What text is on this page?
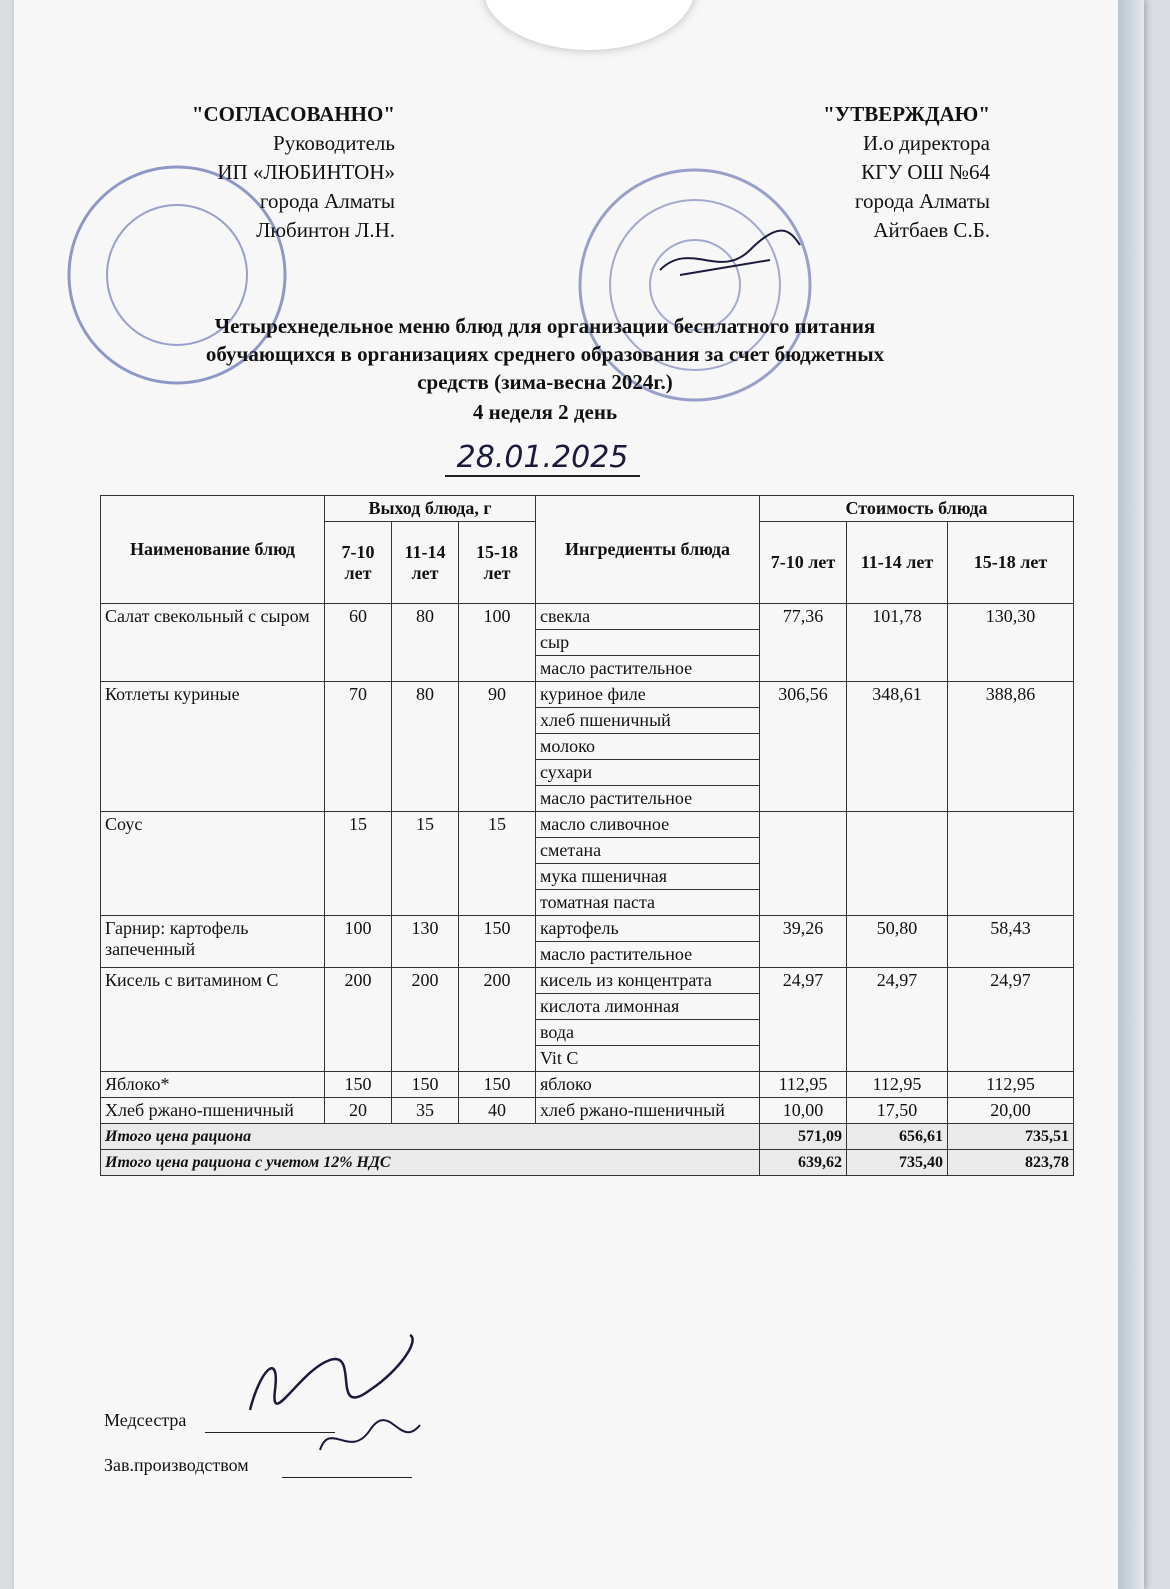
"СОГЛАСОВАННО"
Руководитель
ИП «ЛЮБИНТОН»
города Алматы
Любинтон Л.Н.
"УТВЕРЖДАЮ"
И.о директора
КГУ ОШ №64
города Алматы
Айтбаев С.Б.
Четырехнедельное меню блюд для организации бесплатного питания
обучающихся в организациях среднего образования за счет бюджетных
средств (зима-весна 2024г.)
4 неделя 2 день
28.01.2025
Наименование блюд	Выход блюда, г			Ингредиенты блюда	Стоимость блюда		
	7-10 лет	11-14 лет	15-18 лет		7-10 лет	11-14 лет	15-18 лет
Салат свекольный с сыром	60	80	100	свекла	77,36	101,78	130,30
				сыр			
				масло растительное			
Котлеты куриные	70	80	90	куриное филе	306,56	348,61	388,86
				хлеб пшеничный			
				молоко			
				сухари			
				масло растительное			
Соус	15	15	15	масло сливочное			
				сметана			
				мука пшеничная			
				томатная паста			
Гарнир: картофель запеченный	100	130	150	картофель	39,26	50,80	58,43
				масло растительное			
Кисель с витамином С	200	200	200	кисель из концентрата	24,97	24,97	24,97
				кислота лимонная			
				вода			
				Vit C			
Яблоко*	150	150	150	яблоко	112,95	112,95	112,95
Хлеб ржано-пшеничный	20	35	40	хлеб ржано-пшеничный	10,00	17,50	20,00
Итого цена рациона					571,09	656,61	735,51
Итого цена рациона с учетом 12% НДС					639,62	735,40	823,78
Медсестра
Зав.производством
